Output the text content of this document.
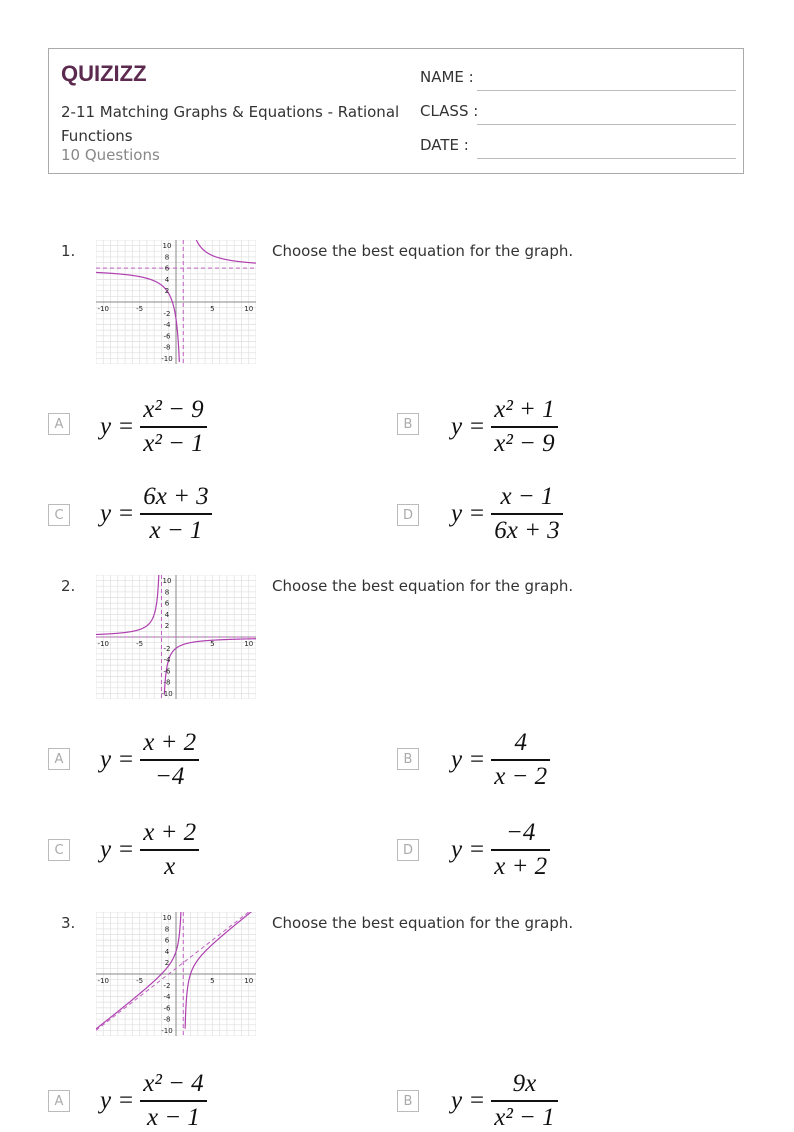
QUIZIZZ
2-11 Matching Graphs & Equations - Rational Functions
10 Questions
NAME :
CLASS :
DATE :
1.	Choose the best equation for the graph.
-10	-5	5	10
10
8
6
4
2
-2
-4
-6
-8
-10
A $y = \frac{\text{x² − 9}}{\text{x² − 1}}$	B $y = \frac{\text{x² + 1}}{\text{x² − 9}}$
C $y = \frac{6x + 3}{x - 1}$	D $y = \frac{x - 1}{6x + 3}$
2.	Choose the best equation for the graph.
-10	-5	5	10
10
8
6
4
2
-2
-4
-6
-8
-10
A $y = \frac{x + 2}{-4}$	B $y = \frac{4}{x - 2}$
C $y = \frac{x + 2}{x}$	D $y = \frac{-4}{x + 2}$
3.	Choose the best equation for the graph.
-10	-5	5	10
10
8
6
4
2
-2
-4
-6
-8
-10
A $y = \frac{\text{x² − 4}}{x - 1}$	B $y = \frac{9x}{\text{x² − 1}}$
